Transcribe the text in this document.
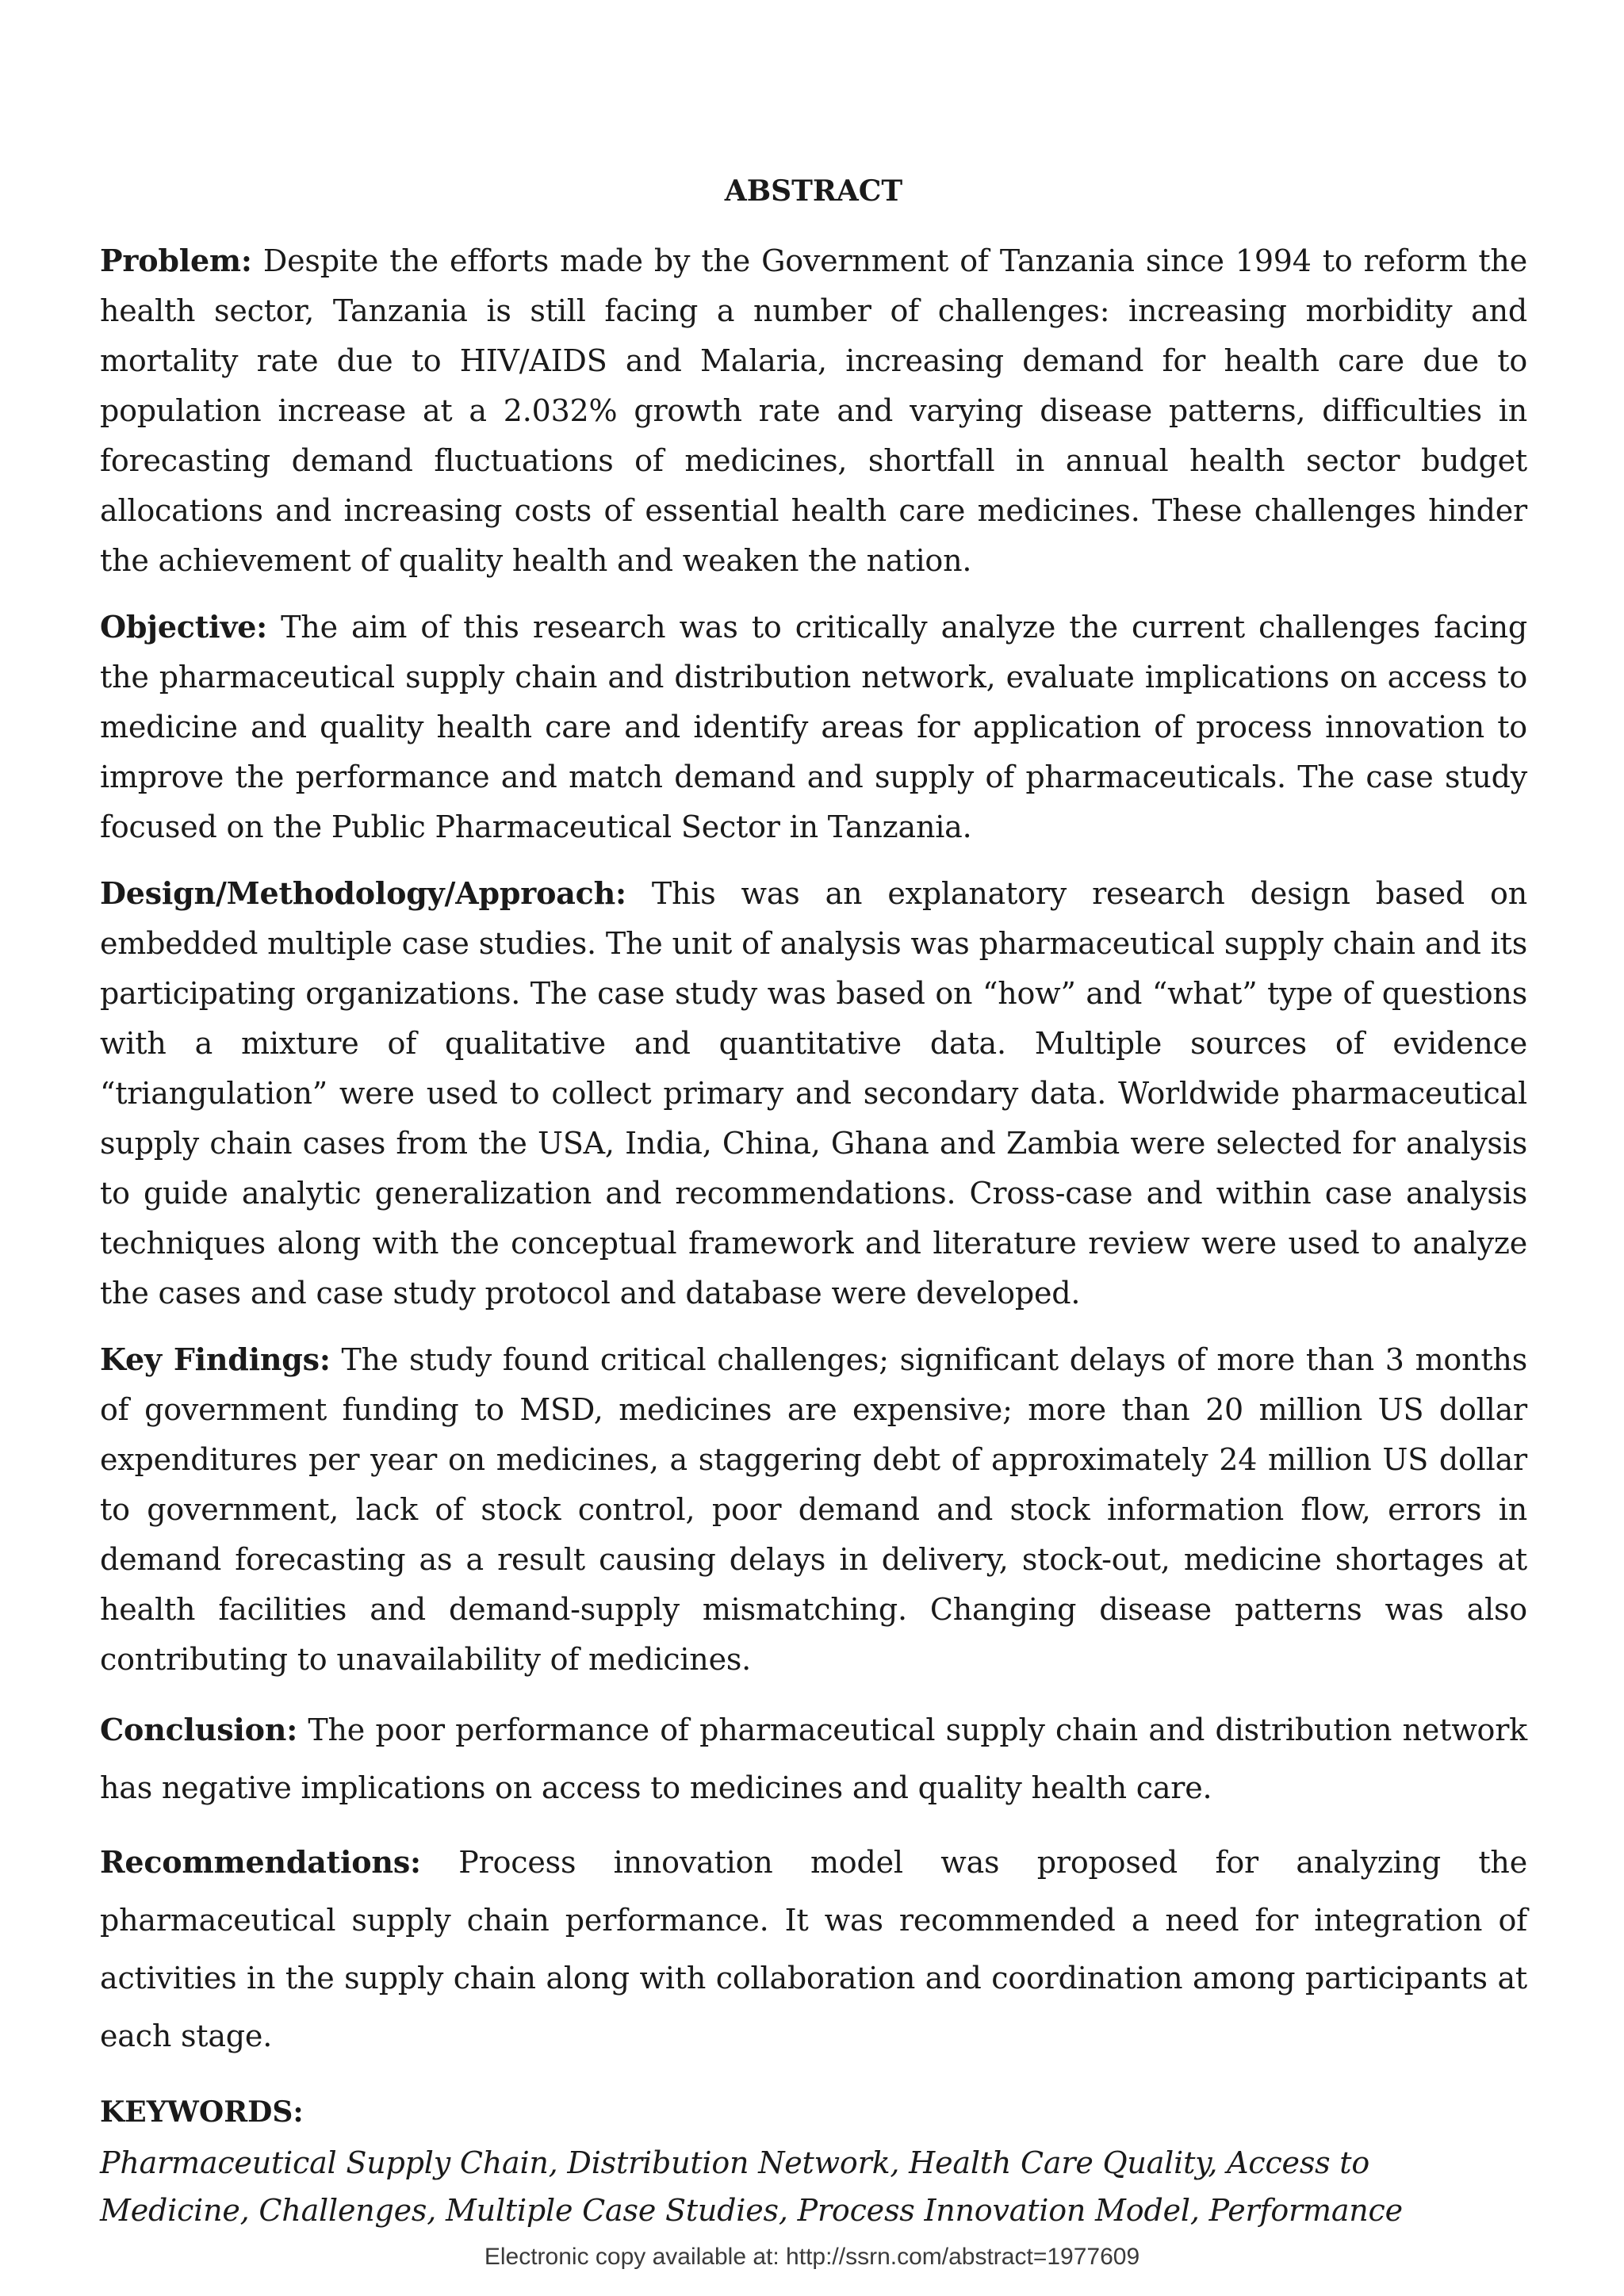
ABSTRACT

Problem: Despite the efforts made by the Government of Tanzania since 1994 to reform the health sector, Tanzania is still facing a number of challenges: increasing morbidity and mortality rate due to HIV/AIDS and Malaria, increasing demand for health care due to population increase at a 2.032% growth rate and varying disease patterns, difficulties in forecasting demand fluctuations of medicines, shortfall in annual health sector budget allocations and increasing costs of essential health care medicines. These challenges hinder the achievement of quality health and weaken the nation.

Objective: The aim of this research was to critically analyze the current challenges facing the pharmaceutical supply chain and distribution network, evaluate implications on access to medicine and quality health care and identify areas for application of process innovation to improve the performance and match demand and supply of pharmaceuticals. The case study focused on the Public Pharmaceutical Sector in Tanzania.

Design/Methodology/Approach: This was an explanatory research design based on embedded multiple case studies. The unit of analysis was pharmaceutical supply chain and its participating organizations. The case study was based on “how” and “what” type of questions with a mixture of qualitative and quantitative data. Multiple sources of evidence “triangulation” were used to collect primary and secondary data. Worldwide pharmaceutical supply chain cases from the USA, India, China, Ghana and Zambia were selected for analysis to guide analytic generalization and recommendations. Cross-case and within case analysis techniques along with the conceptual framework and literature review were used to analyze the cases and case study protocol and database were developed.

Key Findings: The study found critical challenges; significant delays of more than 3 months of government funding to MSD, medicines are expensive; more than 20 million US dollar expenditures per year on medicines, a staggering debt of approximately 24 million US dollar to government, lack of stock control, poor demand and stock information flow, errors in demand forecasting as a result causing delays in delivery, stock-out, medicine shortages at health facilities and demand-supply mismatching. Changing disease patterns was also contributing to unavailability of medicines.

Conclusion: The poor performance of pharmaceutical supply chain and distribution network has negative implications on access to medicines and quality health care.

Recommendations: Process innovation model was proposed for analyzing the pharmaceutical supply chain performance. It was recommended a need for integration of activities in the supply chain along with collaboration and coordination among participants at each stage.

KEYWORDS:

Pharmaceutical Supply Chain, Distribution Network, Health Care Quality, Access to Medicine, Challenges, Multiple Case Studies, Process Innovation Model, Performance

Electronic copy available at: http://ssrn.com/abstract=1977609
